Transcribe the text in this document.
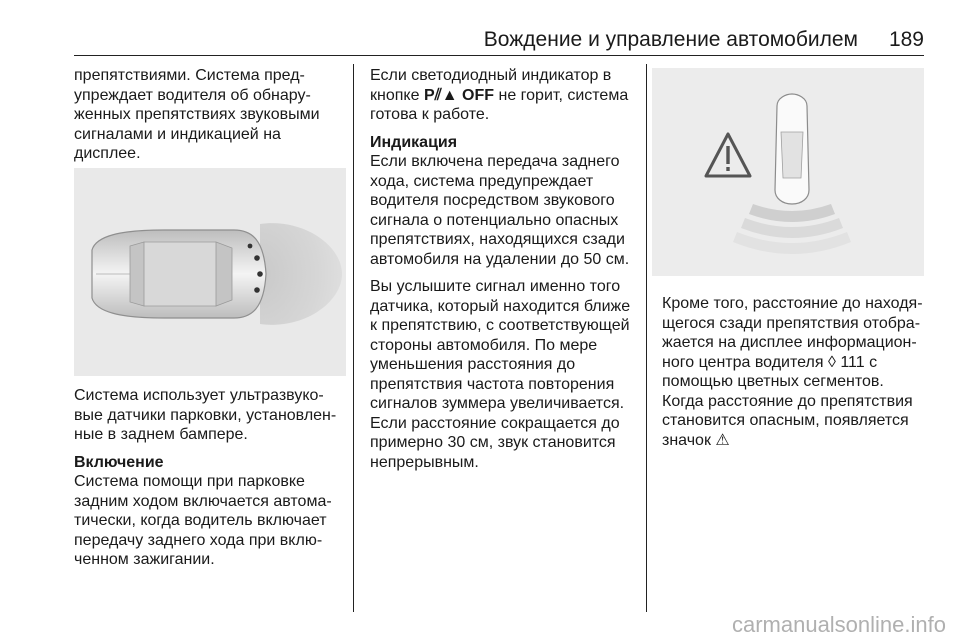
Вождение и управление автомобилем 189

препятствиями. Система пред-
упреждает водителя об обнару-
женных препятствиях звуковыми
сигналами и индикацией на
дисплее.

Система использует ультразвуко-
вые датчики парковки, установлен-
ные в заднем бампере.

Включение

Система помощи при парковке
задним ходом включается автома-
тически, когда водитель включает
передачу заднего хода при вклю-
ченном зажигании.

Если светодиодный индикатор в
кнопке P⫽▲ OFF не горит, система
готова к работе.

Индикация

Если включена передача заднего
хода, система предупреждает
водителя посредством звукового
сигнала о потенциально опасных
препятствиях, находящихся сзади
автомобиля на удалении до 50 см.

Вы услышите сигнал именно того
датчика, который находится ближе
к препятствию, с соответствующей
стороны автомобиля. По мере
уменьшения расстояния до
препятствия частота повторения
сигналов зуммера увеличивается.
Если расстояние сокращается до
примерно 30 см, звук становится
непрерывным.

Кроме того, расстояние до находя-
щегося сзади препятствия отобра-
жается на дисплее информацион-
ного центра водителя ◊ 111 с
помощью цветных сегментов.
Когда расстояние до препятствия
становится опасным, появляется
значок ⚠

carmanualsonline.info
